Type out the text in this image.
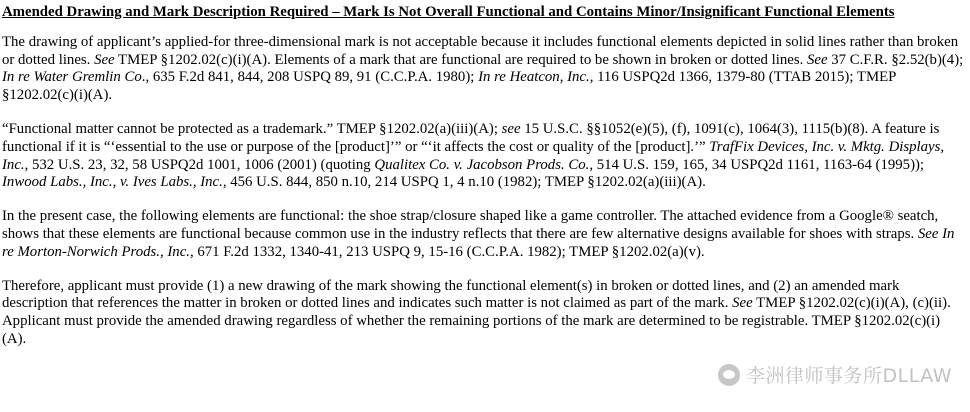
Amended Drawing and Mark Description Required – Mark Is Not Overall Functional and Contains Minor/Insignificant Functional Elements

The drawing of applicant’s applied-for three-dimensional mark is not acceptable because it includes functional elements depicted in solid lines rather than broken or dotted lines. See TMEP §1202.02(c)(i)(A). Elements of a mark that are functional are required to be shown in broken or dotted lines. See 37 C.F.R. §2.52(b)(4); In re Water Gremlin Co., 635 F.2d 841, 844, 208 USPQ 89, 91 (C.C.P.A. 1980); In re Heatcon, Inc., 116 USPQ2d 1366, 1379-80 (TTAB 2015); TMEP §1202.02(c)(i)(A).

“Functional matter cannot be protected as a trademark.” TMEP §1202.02(a)(iii)(A); see 15 U.S.C. §§1052(e)(5), (f), 1091(c), 1064(3), 1115(b)(8). A feature is functional if it is “‘essential to the use or purpose of the [product]’” or “‘it affects the cost or quality of the [product].’” TrafFix Devices, Inc. v. Mktg. Displays, Inc., 532 U.S. 23, 32, 58 USPQ2d 1001, 1006 (2001) (quoting Qualitex Co. v. Jacobson Prods. Co., 514 U.S. 159, 165, 34 USPQ2d 1161, 1163-64 (1995)); Inwood Labs., Inc., v. Ives Labs., Inc., 456 U.S. 844, 850 n.10, 214 USPQ 1, 4 n.10 (1982); TMEP §1202.02(a)(iii)(A).

In the present case, the following elements are functional: the shoe strap/closure shaped like a game controller. The attached evidence from a Google® seatch, shows that these elements are functional because common use in the industry reflects that there are few alternative designs available for shoes with straps. See In re Morton-Norwich Prods., Inc., 671 F.2d 1332, 1340-41, 213 USPQ 9, 15-16 (C.C.P.A. 1982); TMEP §1202.02(a)(v).

Therefore, applicant must provide (1) a new drawing of the mark showing the functional element(s) in broken or dotted lines, and (2) an amended mark description that references the matter in broken or dotted lines and indicates such matter is not claimed as part of the mark. See TMEP §1202.02(c)(i)(A), (c)(ii). Applicant must provide the amended drawing regardless of whether the remaining portions of the mark are determined to be registrable. TMEP §1202.02(c)(i)(A).

李洲律师事务所DLLAW
